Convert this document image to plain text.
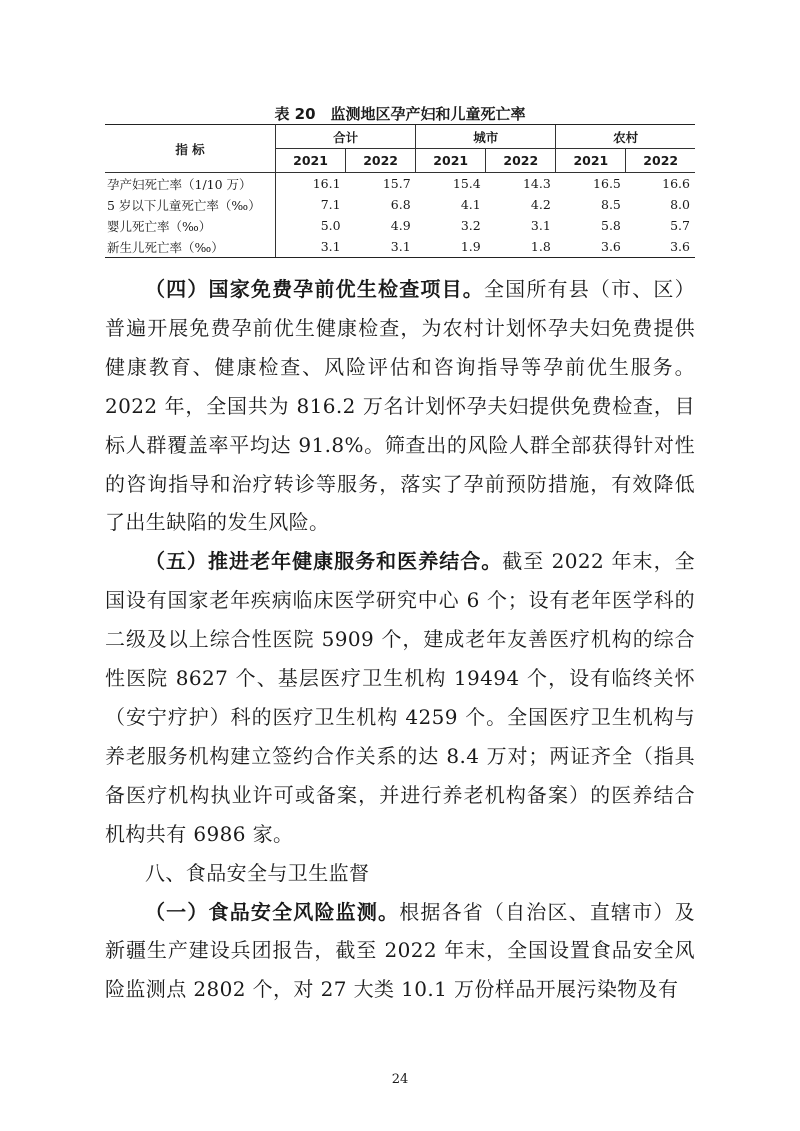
表 20　监测地区孕产妇和儿童死亡率
指 标	合计		城市		农村	
	2021	2022	2021	2022	2021	2022
孕产妇死亡率（1/10 万）	16.1	15.7	15.4	14.3	16.5	16.6
5 岁以下儿童死亡率（‰）	7.1	6.8	4.1	4.2	8.5	8.0
婴儿死亡率（‰）	5.0	4.9	3.2	3.1	5.8	5.7
新生儿死亡率（‰）	3.1	3.1	1.9	1.8	3.6	3.6

（四）国家免费孕前优生检查项目。全国所有县（市、区）普遍开展免费孕前优生健康检查，为农村计划怀孕夫妇免费提供健康教育、健康检查、风险评估和咨询指导等孕前优生服务。2022 年，全国共为 816.2 万名计划怀孕夫妇提供免费检查，目标人群覆盖率平均达 91.8%。筛查出的风险人群全部获得针对性的咨询指导和治疗转诊等服务，落实了孕前预防措施，有效降低了出生缺陷的发生风险。

（五）推进老年健康服务和医养结合。截至 2022 年末，全国设有国家老年疾病临床医学研究中心 6 个；设有老年医学科的二级及以上综合性医院 5909 个，建成老年友善医疗机构的综合性医院 8627 个、基层医疗卫生机构 19494 个，设有临终关怀（安宁疗护）科的医疗卫生机构 4259 个。全国医疗卫生机构与养老服务机构建立签约合作关系的达 8.4 万对；两证齐全（指具备医疗机构执业许可或备案，并进行养老机构备案）的医养结合机构共有 6986 家。

八、食品安全与卫生监督

（一）食品安全风险监测。根据各省（自治区、直辖市）及新疆生产建设兵团报告，截至 2022 年末，全国设置食品安全风险监测点 2802 个，对 27 大类 10.1 万份样品开展污染物及有

24
